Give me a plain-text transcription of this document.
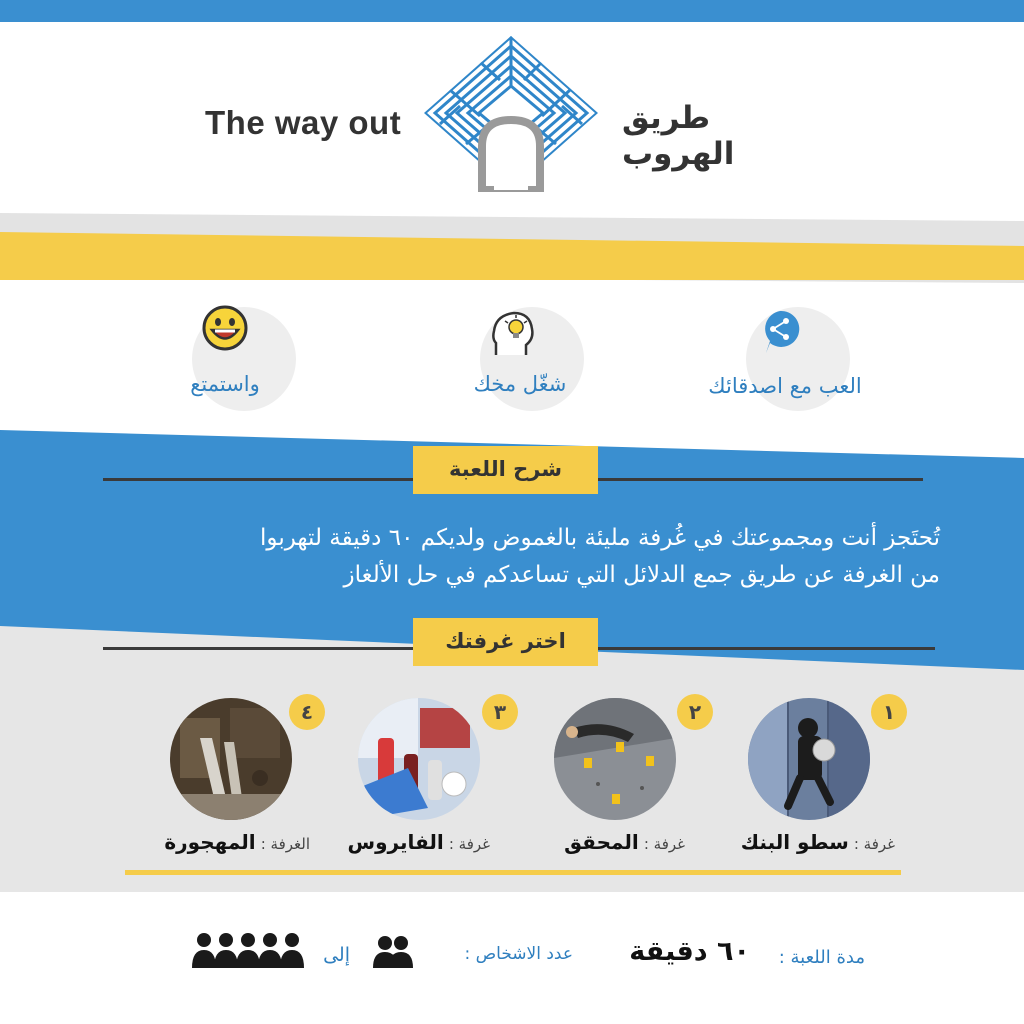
The way out	طريق الهروب
واستمتع	شغّل مخك	العب مع اصدقائك
شرح اللعبة
تُحتَجز أنت ومجموعتك في غُرفة مليئة بالغموض ولديكم ٦٠ دقيقة لتهربوا
من الغرفة عن طريق جمع الدلائل التي تساعدكم في حل الألغاز
اختر غرفتك
١
غرفة : سطو البنك
٢
غرفة : المحقق
٣
غرفة : الفايروس
٤
الغرفة : المهجورة
مدة اللعبة :
٦٠ دقيقة
عدد الاشخاص :
إلى
